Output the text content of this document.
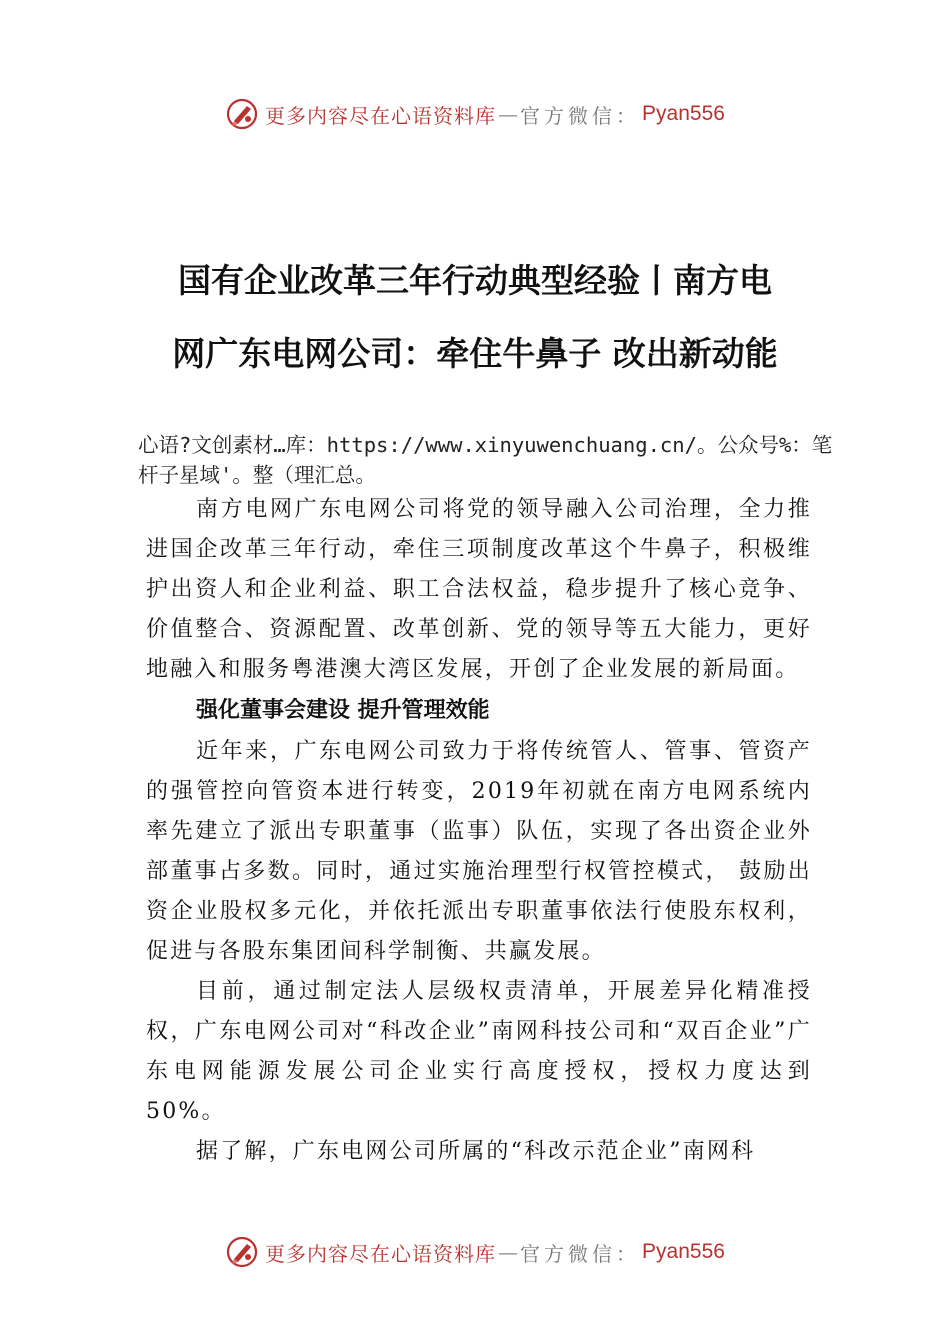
更多内容尽在心语资料库 — 官方微信： Pyan556
国有企业改革三年行动典型经验丨南方电
网广东电网公司：牵住牛鼻子 改出新动能
心语?文创素材…库：https://www.xinyuwenchuang.cn/。公众号%：笔杆子星域'。整（理汇总。

南方电网广东电网公司将党的领导融入公司治理，全力推进国企改革三年行动，牵住三项制度改革这个牛鼻子，积极维护出资人和企业利益、职工合法权益，稳步提升了核心竞争、价值整合、资源配置、改革创新、党的领导等五大能力，更好地融入和服务粤港澳大湾区发展，开创了企业发展的新局面。

强化董事会建设 提升管理效能

近年来，广东电网公司致力于将传统管人、管事、管资产的强管控向管资本进行转变，2019年初就在南方电网系统内率先建立了派出专职董事（监事）队伍，实现了各出资企业外部董事占多数。同时，通过实施治理型行权管控模式， 鼓励出资企业股权多元化，并依托派出专职董事依法行使股东权利，促进与各股东集团间科学制衡、共赢发展。

目前，通过制定法人层级权责清单，开展差异化精准授权，广东电网公司对“科改企业”南网科技公司和“双百企业”广东电网能源发展公司企业实行高度授权，授权力度达到 50%。

据了解，广东电网公司所属的“科改示范企业”南网科

更多内容尽在心语资料库 — 官方微信： Pyan556
